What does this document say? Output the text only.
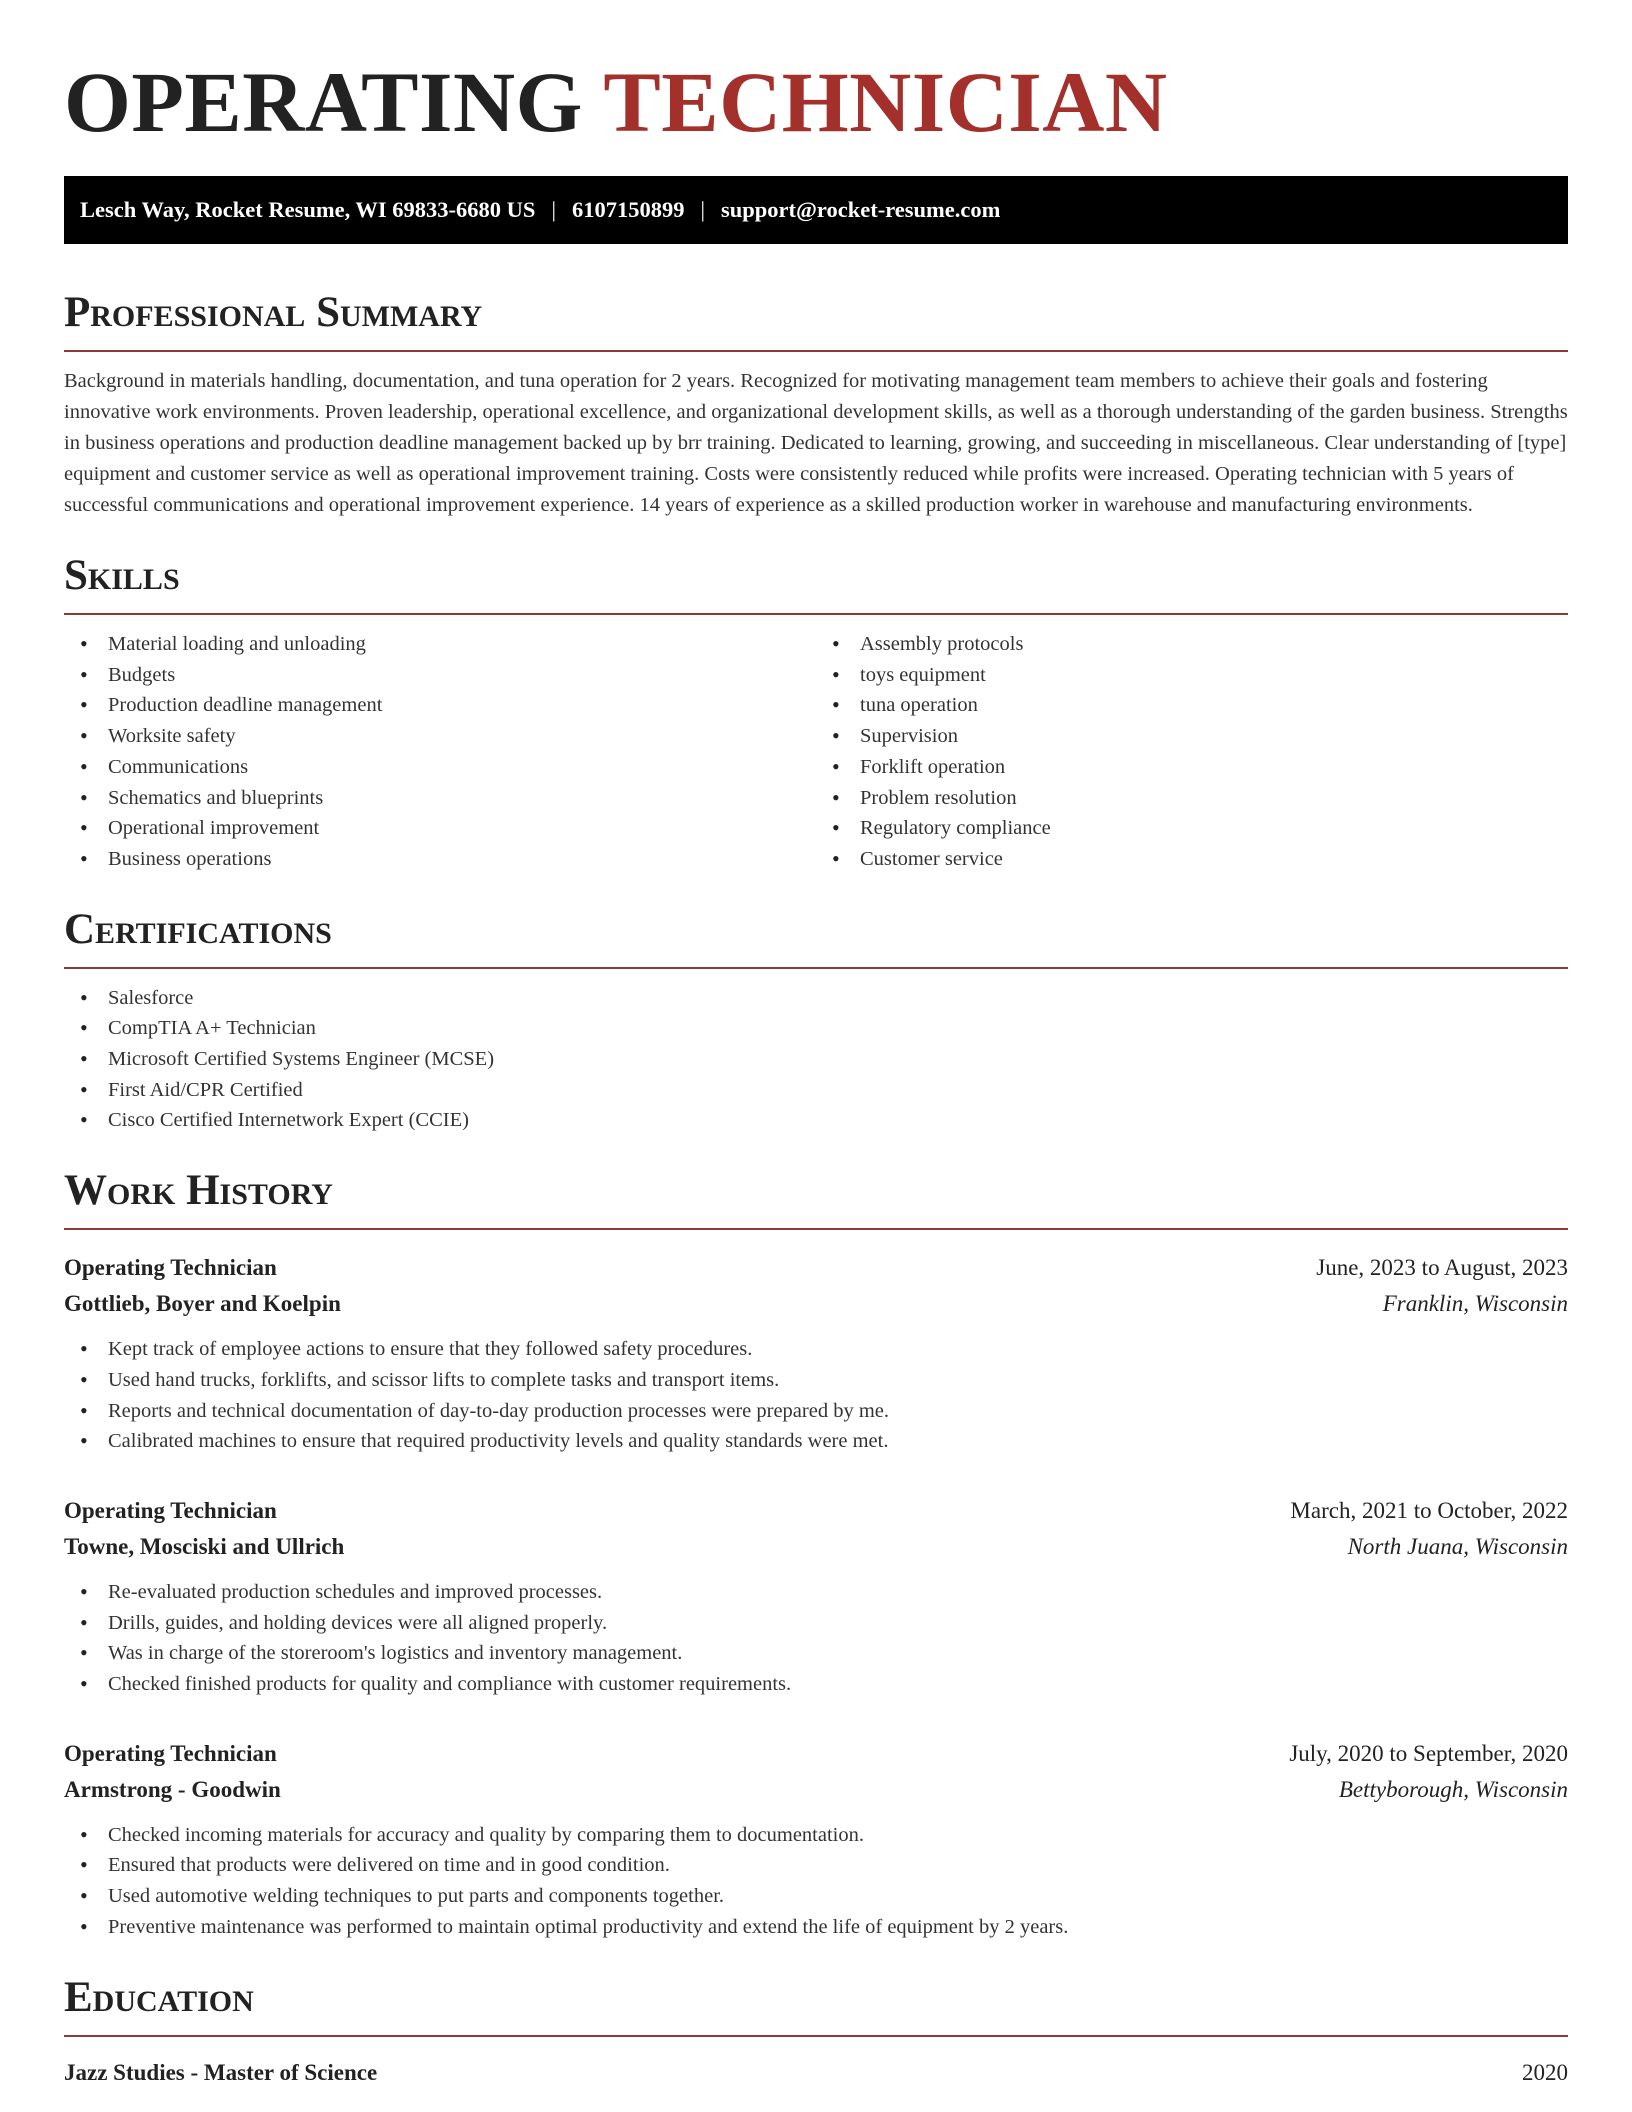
OPERATING TECHNICIAN
Lesch Way, Rocket Resume, WI 69833-6680 US | 6107150899 | support@rocket-resume.com
Professional Summary

Background in materials handling, documentation, and tuna operation for 2 years. Recognized for motivating management team members to achieve their goals and fostering innovative work environments. Proven leadership, operational excellence, and organizational development skills, as well as a thorough understanding of the garden business. Strengths in business operations and production deadline management backed up by brr training. Dedicated to learning, growing, and succeeding in miscellaneous. Clear understanding of [type] equipment and customer service as well as operational improvement training. Costs were consistently reduced while profits were increased. Operating technician with 5 years of successful communications and operational improvement experience. 14 years of experience as a skilled production worker in warehouse and manufacturing environments.

Skills
• Material loading and unloading
• Budgets
• Production deadline management
• Worksite safety
• Communications
• Schematics and blueprints
• Operational improvement
• Business operations
• Assembly protocols
• toys equipment
• tuna operation
• Supervision
• Forklift operation
• Problem resolution
• Regulatory compliance
• Customer service
Certifications
• Salesforce
• CompTIA A+ Technician
• Microsoft Certified Systems Engineer (MCSE)
• First Aid/CPR Certified
• Cisco Certified Internetwork Expert (CCIE)
Work History
Operating Technician	June, 2023 to August, 2023
Gottlieb, Boyer and Koelpin	Franklin, Wisconsin
• Kept track of employee actions to ensure that they followed safety procedures.
• Used hand trucks, forklifts, and scissor lifts to complete tasks and transport items.
• Reports and technical documentation of day-to-day production processes were prepared by me.
• Calibrated machines to ensure that required productivity levels and quality standards were met.
Operating Technician	March, 2021 to October, 2022
Towne, Mosciski and Ullrich	North Juana, Wisconsin
• Re-evaluated production schedules and improved processes.
• Drills, guides, and holding devices were all aligned properly.
• Was in charge of the storeroom's logistics and inventory management.
• Checked finished products for quality and compliance with customer requirements.
Operating Technician	July, 2020 to September, 2020
Armstrong - Goodwin	Bettyborough, Wisconsin
• Checked incoming materials for accuracy and quality by comparing them to documentation.
• Ensured that products were delivered on time and in good condition.
• Used automotive welding techniques to put parts and components together.
• Preventive maintenance was performed to maintain optimal productivity and extend the life of equipment by 2 years.
Education
Jazz Studies - Master of Science	2020
